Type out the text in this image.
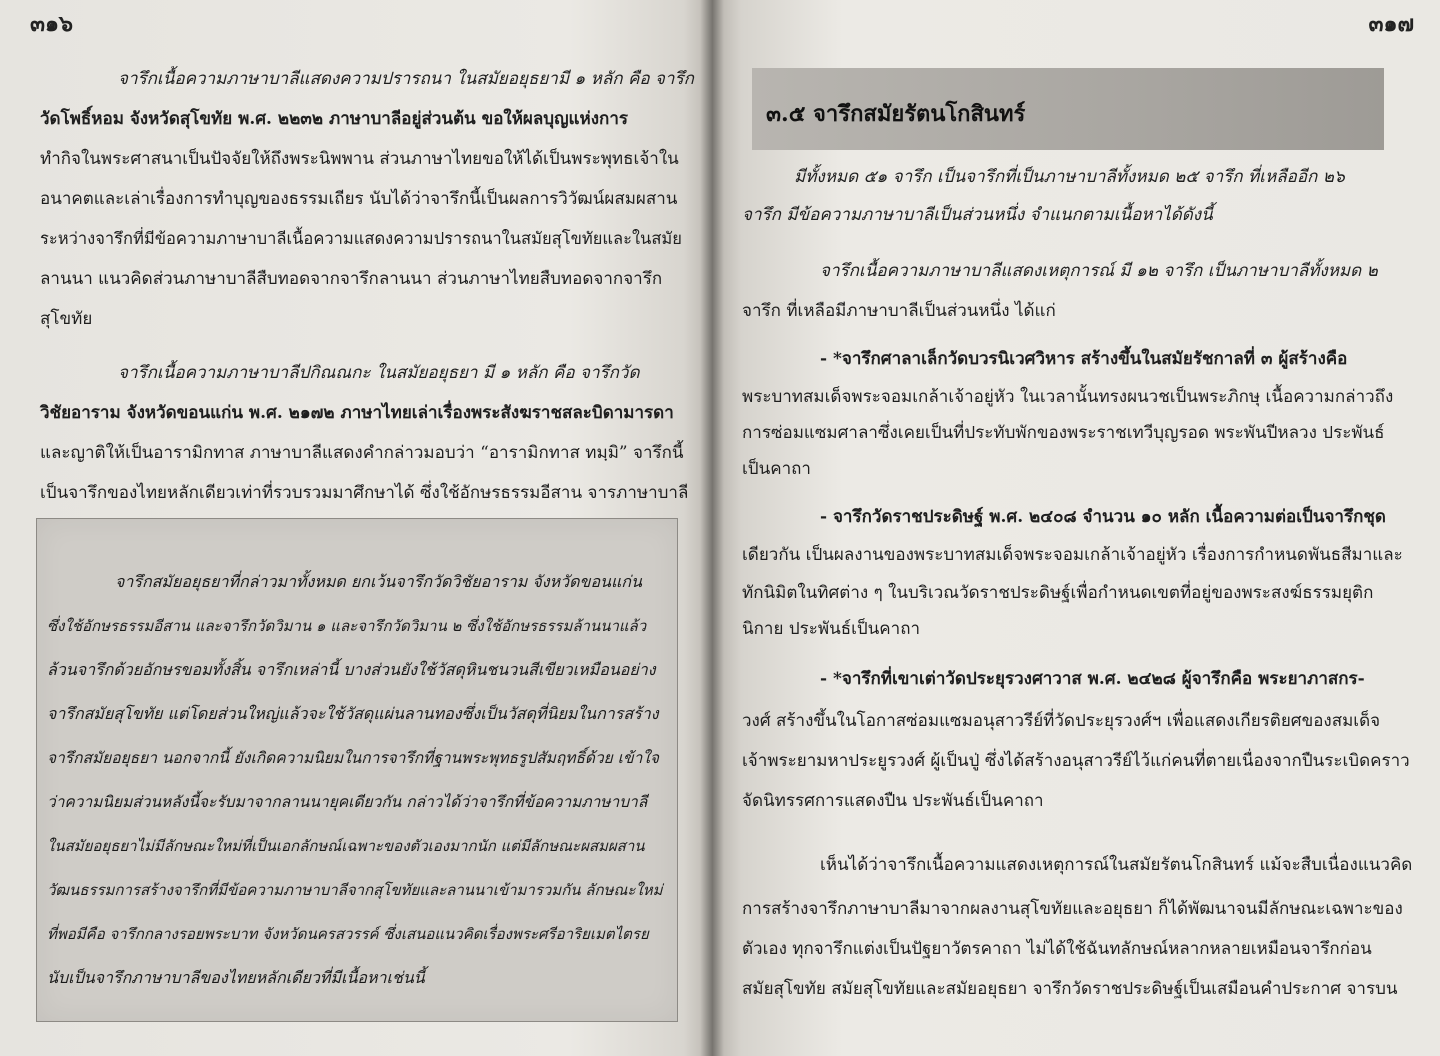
๓๑๖
จารึกเนื้อความภาษาบาลีแสดงความปรารถนา ในสมัยอยุธยามี ๑ หลัก คือ จารึก
วัดโพธิ์หอม จังหวัดสุโขทัย พ.ศ. ๒๒๓๒ ภาษาบาลีอยู่ส่วนต้น ขอให้ผลบุญแห่งการ
ทำกิจในพระศาสนาเป็นปัจจัยให้ถึงพระนิพพาน ส่วนภาษาไทยขอให้ได้เป็นพระพุทธเจ้าใน
อนาคตและเล่าเรื่องการทำบุญของธรรมเถียร นับได้ว่าจารึกนี้เป็นผลการวิวัฒน์ผสมผสาน
ระหว่างจารึกที่มีข้อความภาษาบาลีเนื้อความแสดงความปรารถนาในสมัยสุโขทัยและในสมัย
ลานนา แนวคิดส่วนภาษาบาลีสืบทอดจากจารึกลานนา ส่วนภาษาไทยสืบทอดจากจารึก
สุโขทัย
จารึกเนื้อความภาษาบาลีปกิณณกะ ในสมัยอยุธยา มี ๑ หลัก คือ จารึกวัด
วิชัยอาราม จังหวัดขอนแก่น พ.ศ. ๒๑๗๒ ภาษาไทยเล่าเรื่องพระสังฆราชสละบิดามารดา
และญาติให้เป็นอารามิกทาส ภาษาบาลีแสดงคำกล่าวมอบว่า “อารามิกทาส ทมฺมิ” จารึกนี้
เป็นจารึกของไทยหลักเดียวเท่าที่รวบรวมมาศึกษาได้ ซึ่งใช้อักษรธรรมอีสาน จารภาษาบาลี
จารึกสมัยอยุธยาที่กล่าวมาทั้งหมด ยกเว้นจารึกวัดวิชัยอาราม จังหวัดขอนแก่น
ซึ่งใช้อักษรธรรมอีสาน และจารึกวัดวิมาน ๑ และจารึกวัดวิมาน ๒ ซึ่งใช้อักษรธรรมล้านนาแล้ว
ล้วนจารึกด้วยอักษรขอมทั้งสิ้น จารึกเหล่านี้ บางส่วนยังใช้วัสดุหินชนวนสีเขียวเหมือนอย่าง
จารึกสมัยสุโขทัย แต่โดยส่วนใหญ่แล้วจะใช้วัสดุแผ่นลานทองซึ่งเป็นวัสดุที่นิยมในการสร้าง
จารึกสมัยอยุธยา นอกจากนี้ ยังเกิดความนิยมในการจารึกที่ฐานพระพุทธรูปสัมฤทธิ์ด้วย เข้าใจ
ว่าความนิยมส่วนหลังนี้จะรับมาจากลานนายุคเดียวกัน กล่าวได้ว่าจารึกที่ข้อความภาษาบาลี
ในสมัยอยุธยาไม่มีลักษณะใหม่ที่เป็นเอกลักษณ์เฉพาะของตัวเองมากนัก แต่มีลักษณะผสมผสาน
วัฒนธรรมการสร้างจารึกที่มีข้อความภาษาบาลีจากสุโขทัยและลานนาเข้ามารวมกัน ลักษณะใหม่
ที่พอมีคือ จารึกกลางรอยพระบาท จังหวัดนครสวรรค์ ซึ่งเสนอแนวคิดเรื่องพระศรีอาริยเมตไตรย
นับเป็นจารึกภาษาบาลีของไทยหลักเดียวที่มีเนื้อหาเช่นนี้
๓๑๗
๓.๕ จารึกสมัยรัตนโกสินทร์
มีทั้งหมด ๕๑ จารึก เป็นจารึกที่เป็นภาษาบาลีทั้งหมด ๒๕ จารึก ที่เหลืออีก ๒๖
จารึก มีข้อความภาษาบาลีเป็นส่วนหนึ่ง จำแนกตามเนื้อหาได้ดังนี้
จารึกเนื้อความภาษาบาลีแสดงเหตุการณ์ มี ๑๒ จารึก เป็นภาษาบาลีทั้งหมด ๒
จารึก ที่เหลือมีภาษาบาลีเป็นส่วนหนึ่ง ได้แก่
- *จารึกศาลาเล็กวัดบวรนิเวศวิหาร สร้างขึ้นในสมัยรัชกาลที่ ๓ ผู้สร้างคือ
พระบาทสมเด็จพระจอมเกล้าเจ้าอยู่หัว ในเวลานั้นทรงผนวชเป็นพระภิกษุ เนื้อความกล่าวถึง
การซ่อมแซมศาลาซึ่งเคยเป็นที่ประทับพักของพระราชเทวีบุญรอด พระพันปีหลวง ประพันธ์
เป็นคาถา
- จารึกวัดราชประดิษฐ์ พ.ศ. ๒๔๐๘ จำนวน ๑๐ หลัก เนื้อความต่อเป็นจารึกชุด
เดียวกัน เป็นผลงานของพระบาทสมเด็จพระจอมเกล้าเจ้าอยู่หัว เรื่องการกำหนดพันธสีมาและ
ทักนิมิตในทิศต่าง ๆ ในบริเวณวัดราชประดิษฐ์เพื่อกำหนดเขตที่อยู่ของพระสงฆ์ธรรมยุติก
นิกาย ประพันธ์เป็นคาถา
- *จารึกที่เขาเต่าวัดประยุรวงศาวาส พ.ศ. ๒๔๒๘ ผู้จารึกคือ พระยาภาสกร-
วงศ์ สร้างขึ้นในโอกาสซ่อมแซมอนุสาวรีย์ที่วัดประยุรวงศ์ฯ เพื่อแสดงเกียรติยศของสมเด็จ
เจ้าพระยามหาประยูรวงศ์ ผู้เป็นปู่ ซึ่งได้สร้างอนุสาวรีย์ไว้แก่คนที่ตายเนื่องจากปืนระเบิดคราว
จัดนิทรรศการแสดงปืน ประพันธ์เป็นคาถา
เห็นได้ว่าจารึกเนื้อความแสดงเหตุการณ์ในสมัยรัตนโกสินทร์ แม้จะสืบเนื่องแนวคิด
การสร้างจารึกภาษาบาลีมาจากผลงานสุโขทัยและอยุธยา ก็ได้พัฒนาจนมีลักษณะเฉพาะของ
ตัวเอง ทุกจารึกแต่งเป็นปัฐยาวัตรคาถา ไม่ได้ใช้ฉันทลักษณ์หลากหลายเหมือนจารึกก่อน
สมัยสุโขทัย สมัยสุโขทัยและสมัยอยุธยา จารึกวัดราชประดิษฐ์เป็นเสมือนคำประกาศ จารบน
